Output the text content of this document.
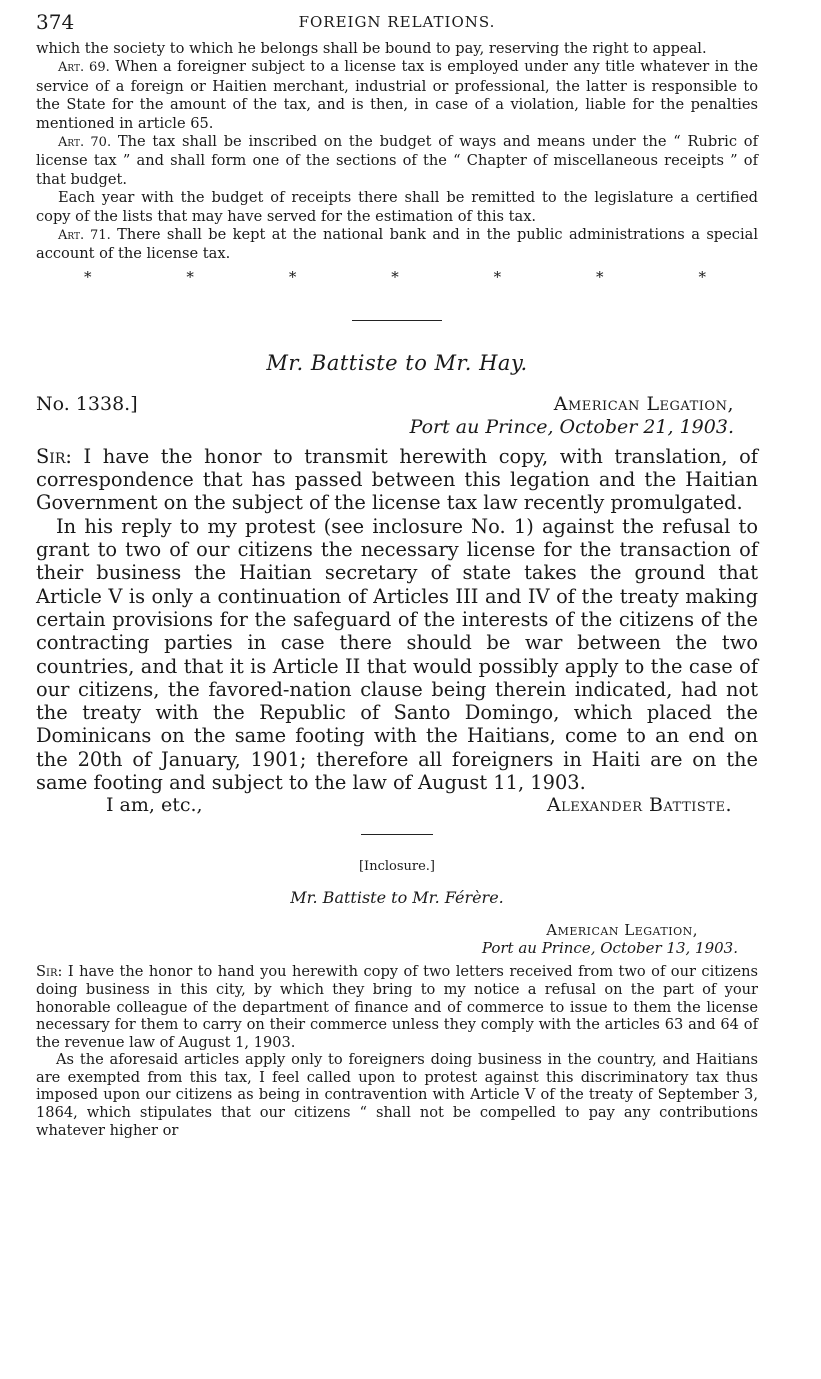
374	FOREIGN RELATIONS.

which the society to which he belongs shall be bound to pay, reserving the right to appeal.

Art. 69. When a foreigner subject to a license tax is employed under any title whatever in the service of a foreign or Haitien merchant, industrial or professional, the latter is responsible to the State for the amount of the tax, and is then, in case of a violation, liable for the penalties mentioned in article 65.

Art. 70. The tax shall be inscribed on the budget of ways and means under the “ Rubric of license tax ” and shall form one of the sections of the “ Chapter of miscellaneous receipts ” of that budget.

Each year with the budget of receipts there shall be remitted to the legislature a certified copy of the lists that may have served for the estimation of this tax.

Art. 71. There shall be kept at the national bank and in the public administrations a special account of the license tax.

*	*	*	*	*	*	*
Mr. Battiste to Mr. Hay.
No. 1338.]	American Legation,
Port au Prince, October 21, 1903.

Sir: I have the honor to transmit herewith copy, with translation, of correspondence that has passed between this legation and the Haitian Government on the subject of the license tax law recently promulgated.

In his reply to my protest (see inclosure No. 1) against the refusal to grant to two of our citizens the necessary license for the transaction of their business the Haitian secretary of state takes the ground that Article V is only a continuation of Articles III and IV of the treaty making certain provisions for the safeguard of the interests of the citizens of the contracting parties in case there should be war between the two countries, and that it is Article II that would possibly apply to the case of our citizens, the favored-nation clause being therein indicated, had not the treaty with the Republic of Santo Domingo, which placed the Dominicans on the same footing with the Haitians, come to an end on the 20th of January, 1901; therefore all foreigners in Haiti are on the same footing and subject to the law of August 11, 1903.

I am, etc.,	Alexander Battiste.
[Inclosure.]
Mr. Battiste to Mr. Férère.
American Legation,
Port au Prince, October 13, 1903.

Sir: I have the honor to hand you herewith copy of two letters received from two of our citizens doing business in this city, by which they bring to my notice a refusal on the part of your honorable colleague of the department of finance and of commerce to issue to them the license necessary for them to carry on their commerce unless they comply with the articles 63 and 64 of the revenue law of August 1, 1903.

As the aforesaid articles apply only to foreigners doing business in the country, and Haitians are exempted from this tax, I feel called upon to protest against this discriminatory tax thus imposed upon our citizens as being in contravention with Article V of the treaty of September 3, 1864, which stipulates that our citizens “ shall not be compelled to pay any contributions whatever higher or
